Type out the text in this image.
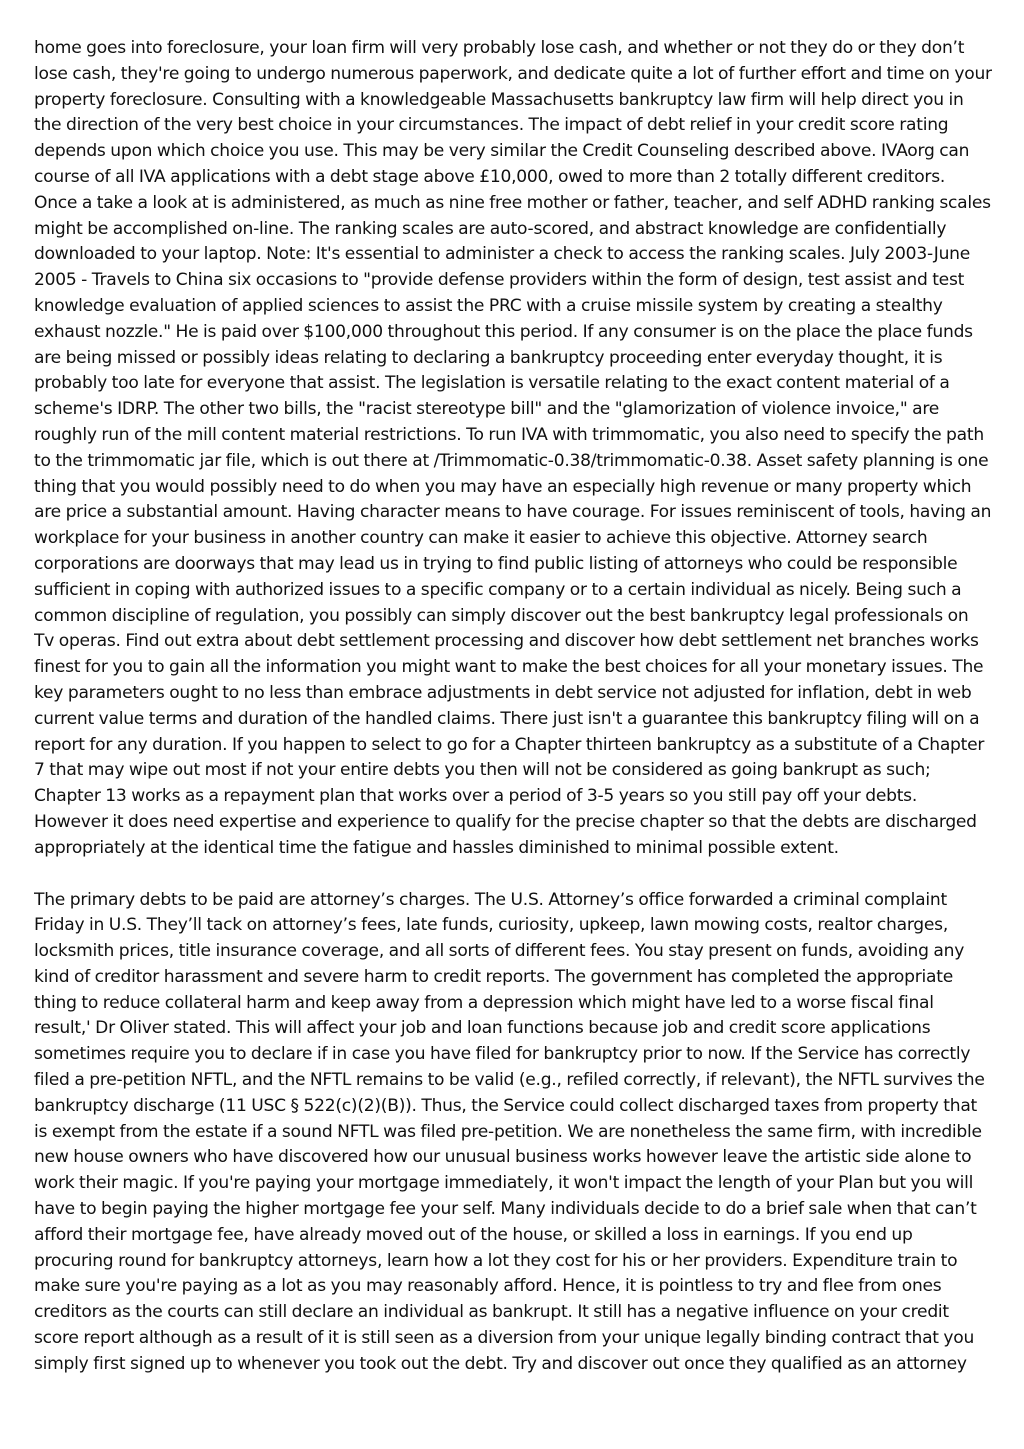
home goes into foreclosure, your loan firm will very probably lose cash, and whether or not they do or they don’t lose cash, they're going to undergo numerous paperwork, and dedicate quite a lot of further effort and time on your property foreclosure. Consulting with a knowledgeable Massachusetts bankruptcy law firm will help direct you in the direction of the very best choice in your circumstances. The impact of debt relief in your credit score rating depends upon which choice you use. This may be very similar the Credit Counseling described above. IVAorg can course of all IVA applications with a debt stage above £10,000, owed to more than 2 totally different creditors. Once a take a look at is administered, as much as nine free mother or father, teacher, and self ADHD ranking scales might be accomplished on-line. The ranking scales are auto-scored, and abstract knowledge are confidentially downloaded to your laptop. Note: It's essential to administer a check to access the ranking scales. July 2003-June 2005 - Travels to China six occasions to "provide defense providers within the form of design, test assist and test knowledge evaluation of applied sciences to assist the PRC with a cruise missile system by creating a stealthy exhaust nozzle." He is paid over $100,000 throughout this period. If any consumer is on the place the place funds are being missed or possibly ideas relating to declaring a bankruptcy proceeding enter everyday thought, it is probably too late for everyone that assist. The legislation is versatile relating to the exact content material of a scheme's IDRP. The other two bills, the "racist stereotype bill" and the "glamorization of violence invoice," are roughly run of the mill content material restrictions. To run IVA with trimmomatic, you also need to specify the path to the trimmomatic jar file, which is out there at /Trimmomatic-0.38/trimmomatic-0.38. Asset safety planning is one thing that you would possibly need to do when you may have an especially high revenue or many property which are price a substantial amount. Having character means to have courage. For issues reminiscent of tools, having an workplace for your business in another country can make it easier to achieve this objective. Attorney search corporations are doorways that may lead us in trying to find public listing of attorneys who could be responsible sufficient in coping with authorized issues to a specific company or to a certain individual as nicely. Being such a common discipline of regulation, you possibly can simply discover out the best bankruptcy legal professionals on Tv operas. Find out extra about debt settlement processing and discover how debt settlement net branches works finest for you to gain all the information you might want to make the best choices for all your monetary issues. The key parameters ought to no less than embrace adjustments in debt service not adjusted for inflation, debt in web current value terms and duration of the handled claims. There just isn't a guarantee this bankruptcy filing will on a report for any duration. If you happen to select to go for a Chapter thirteen bankruptcy as a substitute of a Chapter 7 that may wipe out most if not your entire debts you then will not be considered as going bankrupt as such; Chapter 13 works as a repayment plan that works over a period of 3-5 years so you still pay off your debts. However it does need expertise and experience to qualify for the precise chapter so that the debts are discharged appropriately at the identical time the fatigue and hassles diminished to minimal possible extent.

The primary debts to be paid are attorney’s charges. The U.S. Attorney’s office forwarded a criminal complaint Friday in U.S. They’ll tack on attorney’s fees, late funds, curiosity, upkeep, lawn mowing costs, realtor charges, locksmith prices, title insurance coverage, and all sorts of different fees. You stay present on funds, avoiding any kind of creditor harassment and severe harm to credit reports. The government has completed the appropriate thing to reduce collateral harm and keep away from a depression which might have led to a worse fiscal final result,' Dr Oliver stated. This will affect your job and loan functions because job and credit score applications sometimes require you to declare if in case you have filed for bankruptcy prior to now. If the Service has correctly filed a pre-petition NFTL, and the NFTL remains to be valid (e.g., refiled correctly, if relevant), the NFTL survives the bankruptcy discharge (11 USC § 522(c)(2)(B)). Thus, the Service could collect discharged taxes from property that is exempt from the estate if a sound NFTL was filed pre-petition. We are nonetheless the same firm, with incredible new house owners who have discovered how our unusual business works however leave the artistic side alone to work their magic. If you're paying your mortgage immediately, it won't impact the length of your Plan but you will have to begin paying the higher mortgage fee your self. Many individuals decide to do a brief sale when that can’t afford their mortgage fee, have already moved out of the house, or skilled a loss in earnings. If you end up procuring round for bankruptcy attorneys, learn how a lot they cost for his or her providers. Expenditure train to make sure you're paying as a lot as you may reasonably afford. Hence, it is pointless to try and flee from ones creditors as the courts can still declare an individual as bankrupt. It still has a negative influence on your credit score report although as a result of it is still seen as a diversion from your unique legally binding contract that you simply first signed up to whenever you took out the debt. Try and discover out once they qualified as an attorney
